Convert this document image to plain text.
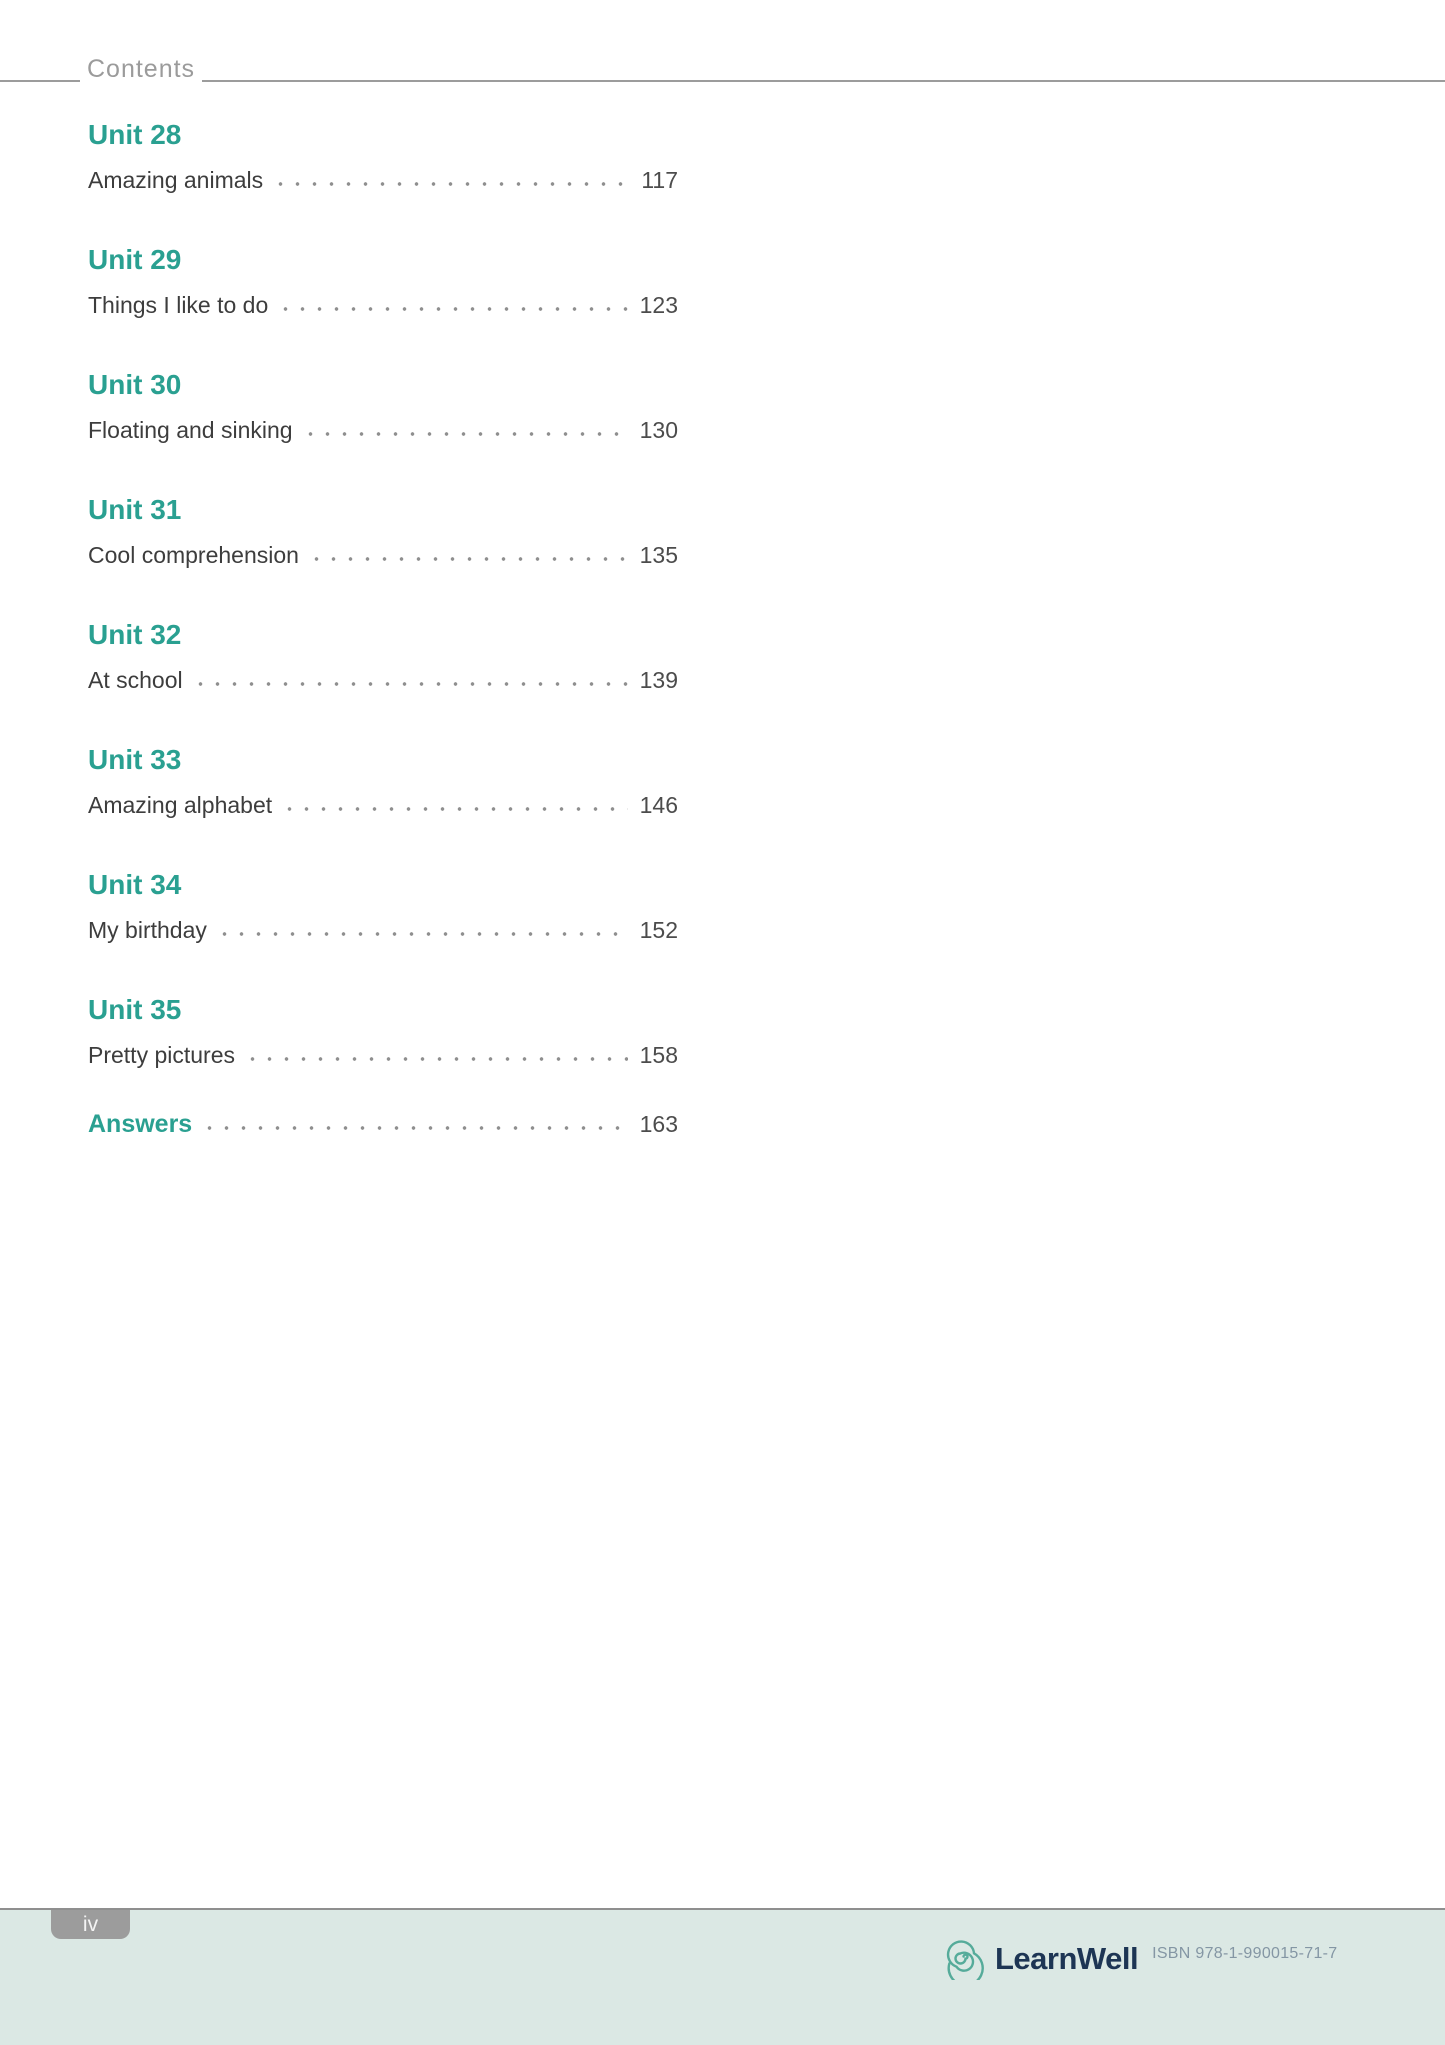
Contents
Unit 28
Amazing animals	117
Unit 29
Things I like to do	123
Unit 30
Floating and sinking	130
Unit 31
Cool comprehension	135
Unit 32
At school	139
Unit 33
Amazing alphabet	146
Unit 34
My birthday	152
Unit 35
Pretty pictures	158
Answers	163
iv
LearnWell ISBN 978-1-990015-71-7
